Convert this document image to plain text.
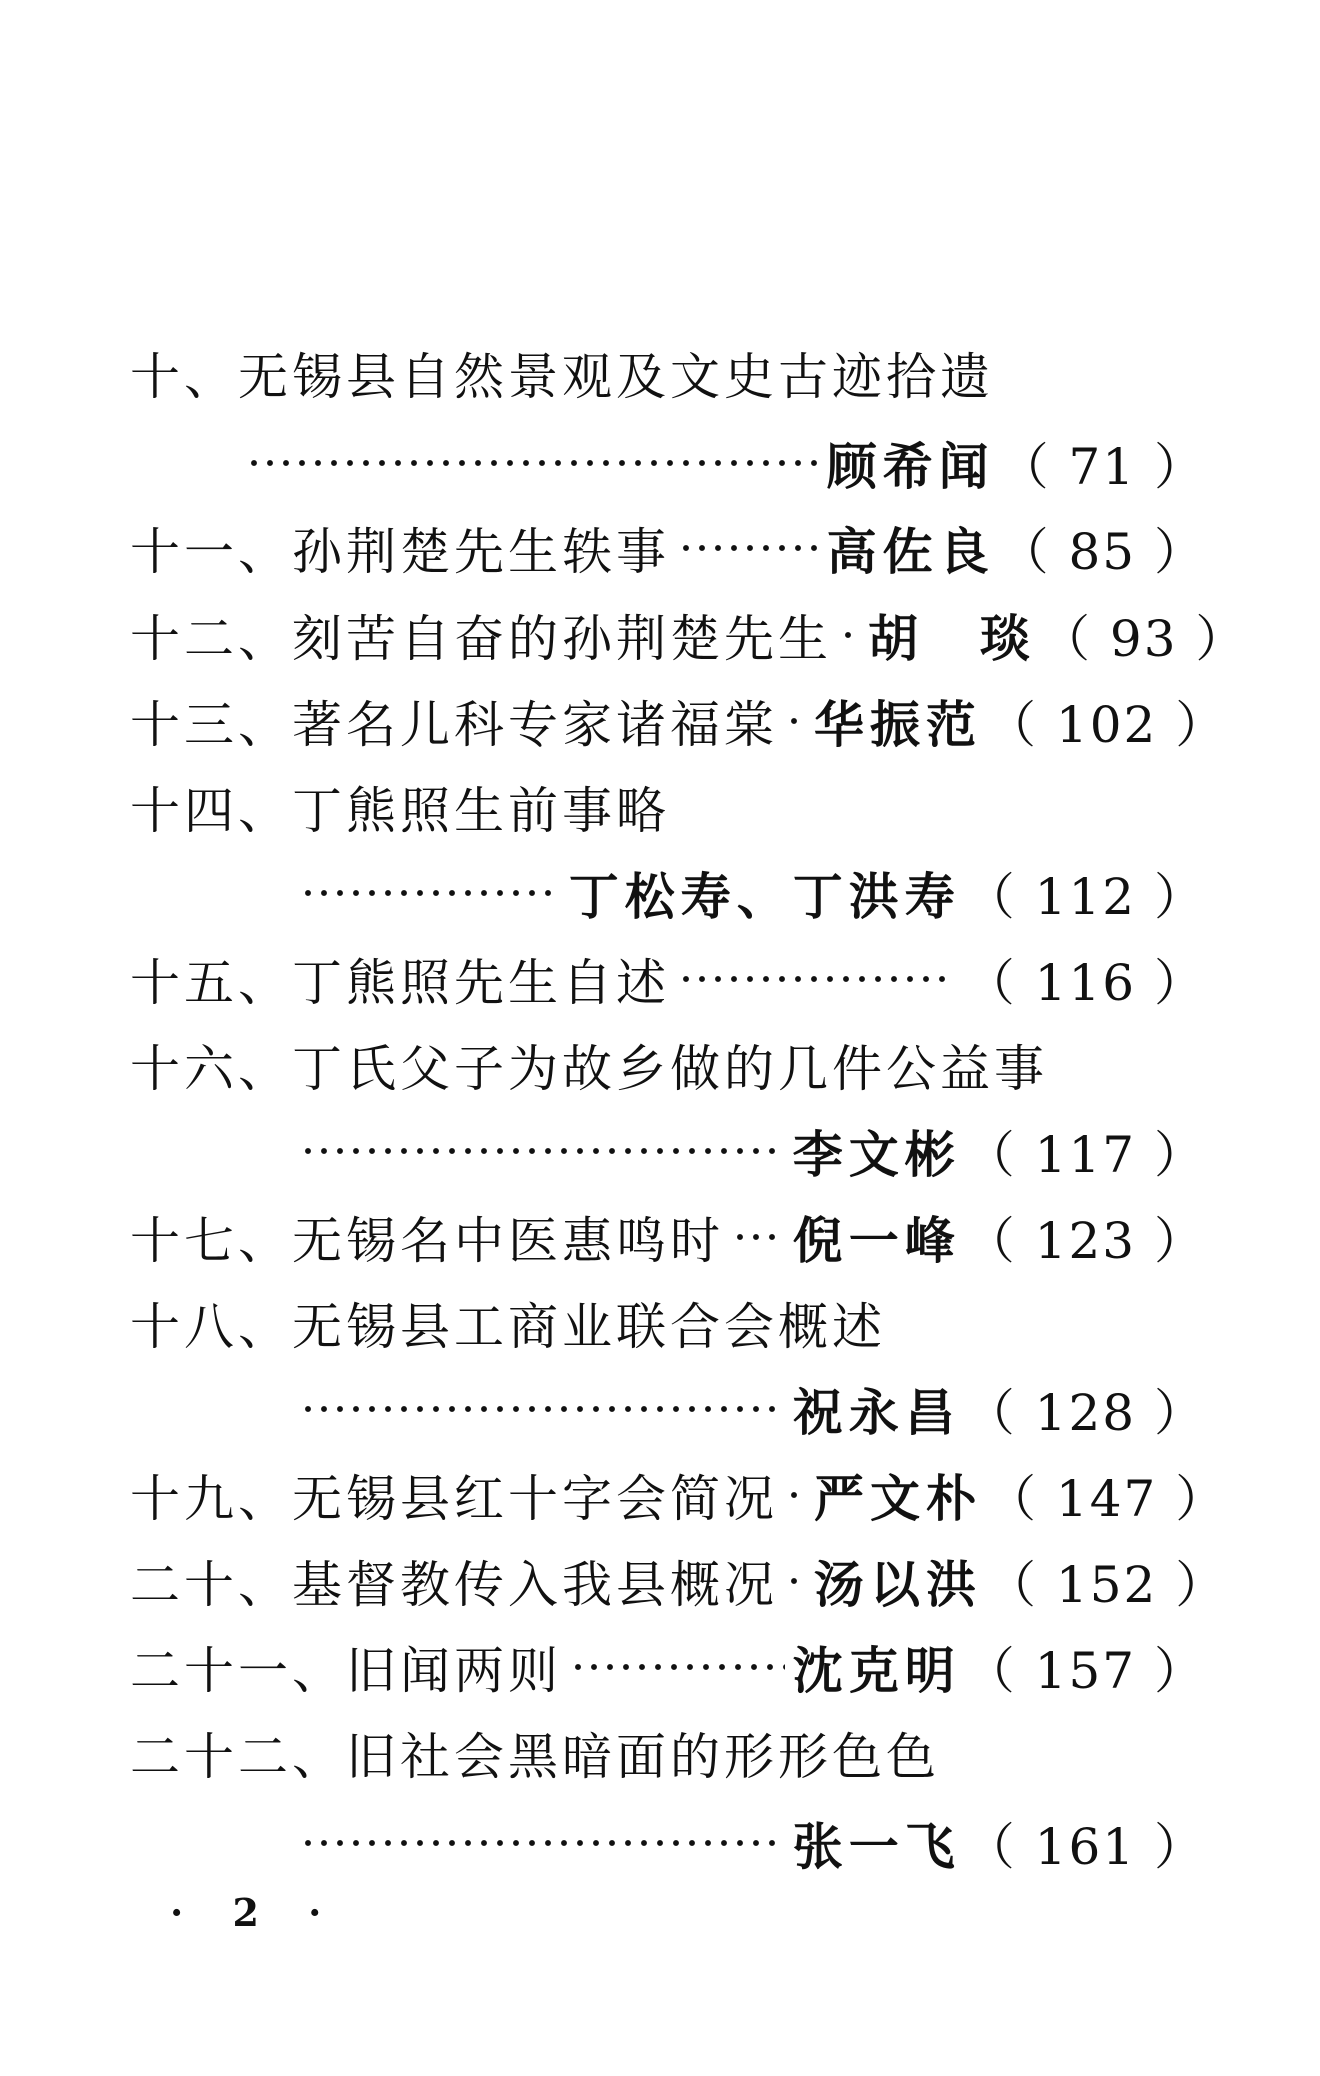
十、 无锡县自然景观及文史古迹拾遗
顾希闻 （ 71 ）
十一、 孙荆楚先生轶事	高佐良 （ 85 ）
十二、 刻苦自奋的孙荆楚先生 胡　琰 （ 93 ）
十三、 著名儿科专家诸福棠 华振范 （ 102 ）
十四、 丁熊照生前事略
丁松寿、丁洪寿 （ 112 ）
十五、 丁熊照先生自述	（ 116 ）
十六、 丁氏父子为故乡做的几件公益事
李文彬 （ 117 ）
十七、 无锡名中医惠鸣时 倪一峰 （ 123 ）
十八、 无锡县工商业联合会概述
祝永昌 （ 128 ）
十九、 无锡县红十字会简况 严文朴 （ 147 ）
二十、 基督教传入我县概况 汤以洪 （ 152 ）
二十一、 旧闻两则	沈克明 （ 157 ）
二十二、 旧社会黑暗面的形形色色
张一飞 （ 161 ）
· 2 ·
